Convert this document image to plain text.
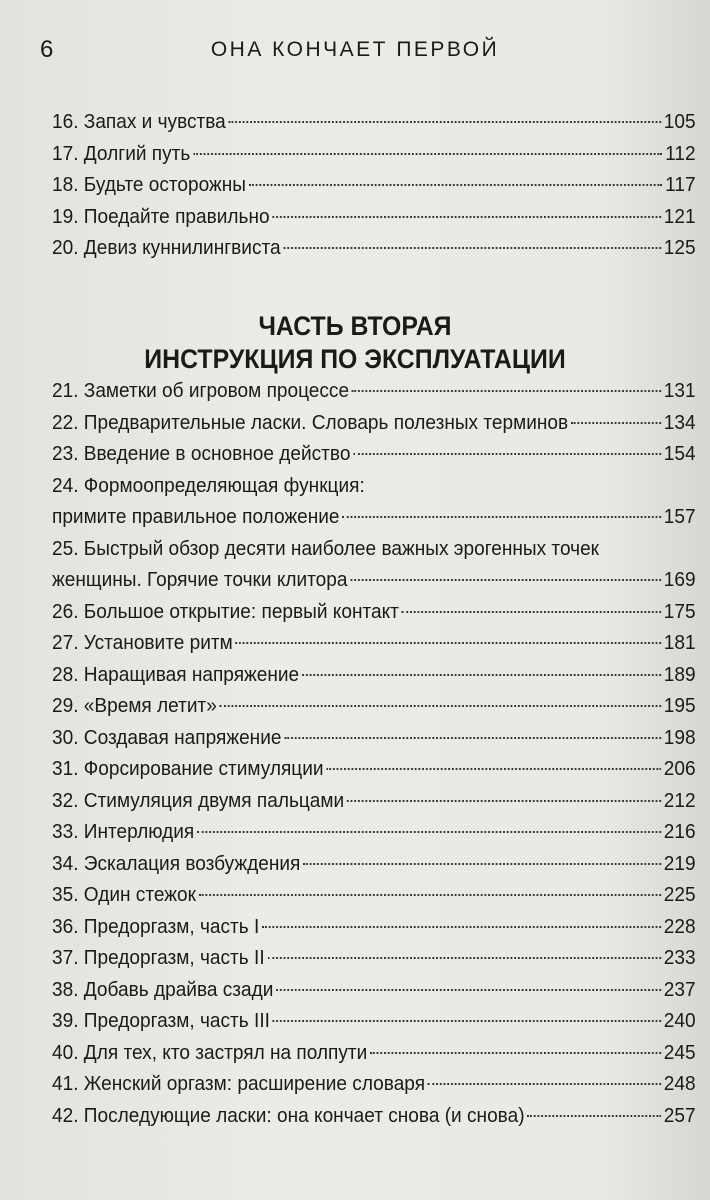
6	ОНА КОНЧАЕТ ПЕРВОЙ
16. Запах и чувства	105
17. Долгий путь	112
18. Будьте осторожны	117
19. Поедайте правильно	121
20. Девиз куннилингвиста	125
ЧАСТЬ ВТОРАЯ
ИНСТРУКЦИЯ ПО ЭКСПЛУАТАЦИИ
21. Заметки об игровом процессе	131
22. Предварительные ласки. Словарь полезных терминов	134
23. Введение в основное действо	154
24. Формоопределяющая функция:
примите правильное положение	157
25. Быстрый обзор десяти наиболее важных эрогенных точек
женщины. Горячие точки клитора	169
26. Большое открытие: первый контакт	175
27. Установите ритм	181
28. Наращивая напряжение	189
29. «Время летит»	195
30. Создавая напряжение	198
31. Форсирование стимуляции	206
32. Стимуляция двумя пальцами	212
33. Интерлюдия	216
34. Эскалация возбуждения	219
35. Один стежок	225
36. Предоргазм, часть I	228
37. Предоргазм, часть II	233
38. Добавь драйва сзади	237
39. Предоргазм, часть III	240
40. Для тех, кто застрял на полпути	245
41. Женский оргазм: расширение словаря	248
42. Последующие ласки: она кончает снова (и снова)	257
